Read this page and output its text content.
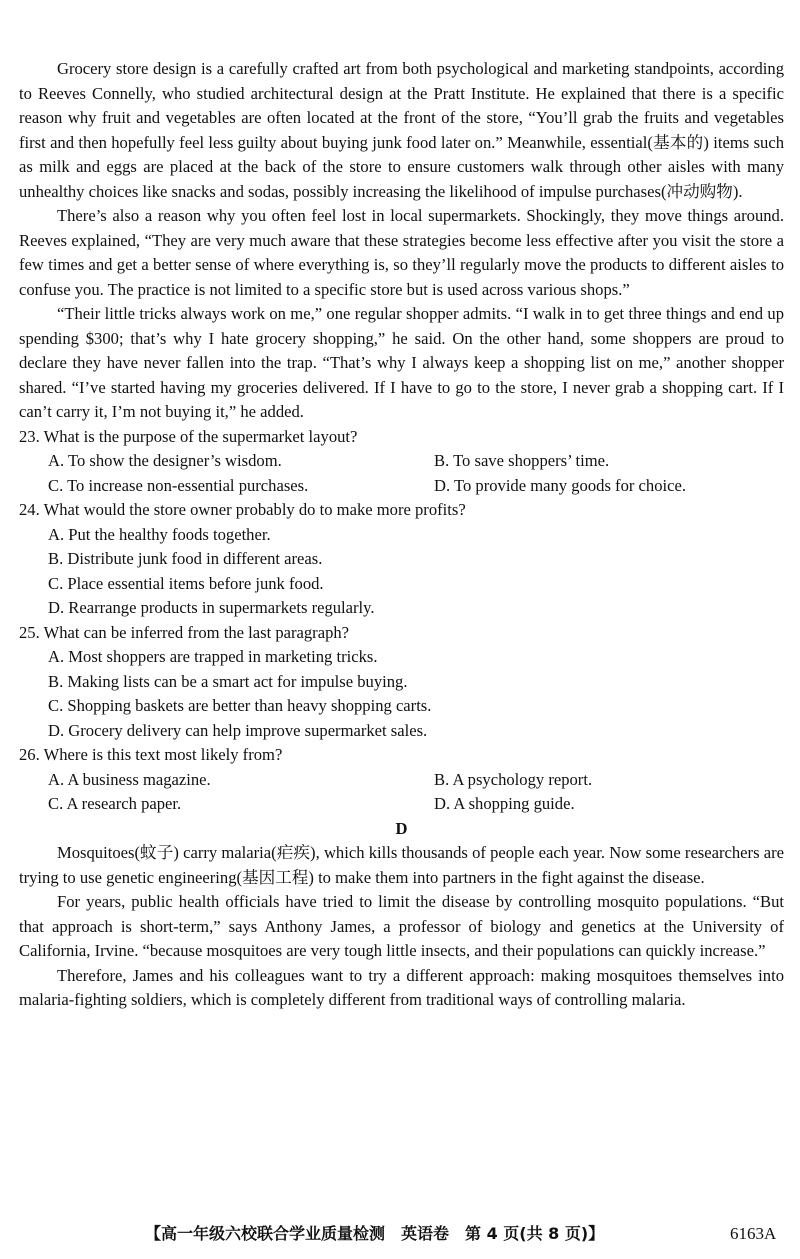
Grocery store design is a carefully crafted art from both psychological and marketing standpoints, according to Reeves Connelly, who studied architectural design at the Pratt Institute. He explained that there is a specific reason why fruit and vegetables are often located at the front of the store, “You’ll grab the fruits and vegetables first and then hopefully feel less guilty about buying junk food later on.” Meanwhile, essential(基本的) items such as milk and eggs are placed at the back of the store to ensure customers walk through other aisles with many unhealthy choices like snacks and sodas, possibly increasing the likelihood of impulse purchases(冲动购物).

There’s also a reason why you often feel lost in local supermarkets. Shockingly, they move things around. Reeves explained, “They are very much aware that these strategies become less effective after you visit the store a few times and get a better sense of where everything is, so they’ll regularly move the products to different aisles to confuse you. The practice is not limited to a specific store but is used across various shops.”

“Their little tricks always work on me,” one regular shopper admits. “I walk in to get three things and end up spending $300; that’s why I hate grocery shopping,” he said. On the other hand, some shoppers are proud to declare they have never fallen into the trap. “That’s why I always keep a shopping list on me,” another shopper shared. “I’ve started having my groceries delivered. If I have to go to the store, I never grab a shopping cart. If I can’t carry it, I’m not buying it,” he added.

23. What is the purpose of the supermarket layout?

A. To show the designer’s wisdom.	B. To save shoppers’ time.
C. To increase non-essential purchases.	D. To provide many goods for choice.

24. What would the store owner probably do to make more profits?

A. Put the healthy foods together.
B. Distribute junk food in different areas.
C. Place essential items before junk food.
D. Rearrange products in supermarkets regularly.

25. What can be inferred from the last paragraph?

A. Most shoppers are trapped in marketing tricks.
B. Making lists can be a smart act for impulse buying.
C. Shopping baskets are better than heavy shopping carts.
D. Grocery delivery can help improve supermarket sales.

26. Where is this text most likely from?

A. A business magazine.	B. A psychology report.
C. A research paper.	D. A shopping guide.

D

Mosquitoes(蚊子) carry malaria(疟疾), which kills thousands of people each year. Now some researchers are trying to use genetic engineering(基因工程) to make them into partners in the fight against the disease.

For years, public health officials have tried to limit the disease by controlling mosquito populations. “But that approach is short-term,” says Anthony James, a professor of biology and genetics at the University of California, Irvine. “because mosquitoes are very tough little insects, and their populations can quickly increase.”

Therefore, James and his colleagues want to try a different approach: making mosquitoes themselves into malaria-fighting soldiers, which is completely different from traditional ways of controlling malaria.

【高一年级六校联合学业质量检测　英语卷　第 4 页(共 8 页)】	6163A
